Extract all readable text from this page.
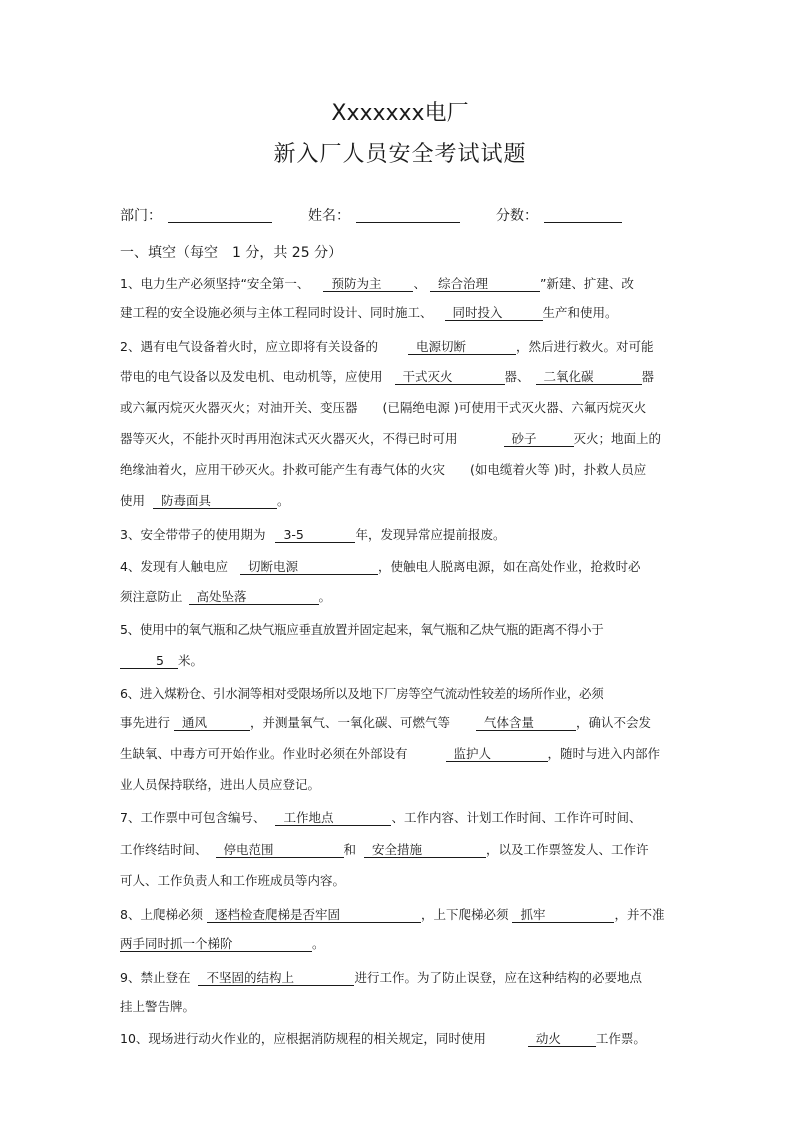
Xxxxxxx电厂
新入厂人员安全考试试题
部门：	姓名：	分数：
一、填空（每空　1 分，共 25 分）
1、电力生产必须坚持“安全第一、 预防为主	、 综合治理	”新建、扩建、改
建工程的安全设施必须与主体工程同时设计、同时施工、 同时投入	生产和使用。
2、遇有电气设备着火时，应立即将有关设备的	电源切断	，然后进行救火。对可能
带电的电气设备以及发电机、电动机等，应使用 干式灭火	器、 二氧化碳	器
或六氟丙烷灭火器灭火；对油开关、变压器　　(已隔绝电源 )可使用干式灭火器、六氟丙烷灭火
器等灭火，不能扑灭时再用泡沫式灭火器灭火，不得已时可用	砂子	灭火；地面上的
绝缘油着火，应用干砂灭火。扑救可能产生有毒气体的火灾　　(如电缆着火等 )时，扑救人员应
使用 防毒面具	。
3、安全带带子的使用期为 3-5	年，发现异常应提前报废。
4、发现有人触电应 切断电源	，使触电人脱离电源，如在高处作业，抢救时必
须注意防止 高处坠落	。
5、使用中的氧气瓶和乙炔气瓶应垂直放置并固定起来，氧气瓶和乙炔气瓶的距离不得小于
5 米。
6、进入煤粉仓、引水洞等相对受限场所以及地下厂房等空气流动性较差的场所作业，必须
事先进行 通风	，并测量氧气、一氧化碳、可燃气等	气体含量	，确认不会发
生缺氧、中毒方可开始作业。作业时必须在外部设有	监护人	，随时与进入内部作
业人员保持联络，进出人员应登记。
7、工作票中可包含编号、 工作地点	、工作内容、计划工作时间、工作许可时间、
工作终结时间、 停电范围	和 安全措施	，以及工作票签发人、工作许
可人、工作负责人和工作班成员等内容。
8、上爬梯必须 逐档检查爬梯是否牢固	，上下爬梯必须 抓牢	，并不准
两手同时抓一个梯阶	。
9、禁止登在 不坚固的结构上	进行工作。为了防止误登，应在这种结构的必要地点
挂上警告牌。
10、现场进行动火作业的，应根据消防规程的相关规定，同时使用	动火	工作票。
